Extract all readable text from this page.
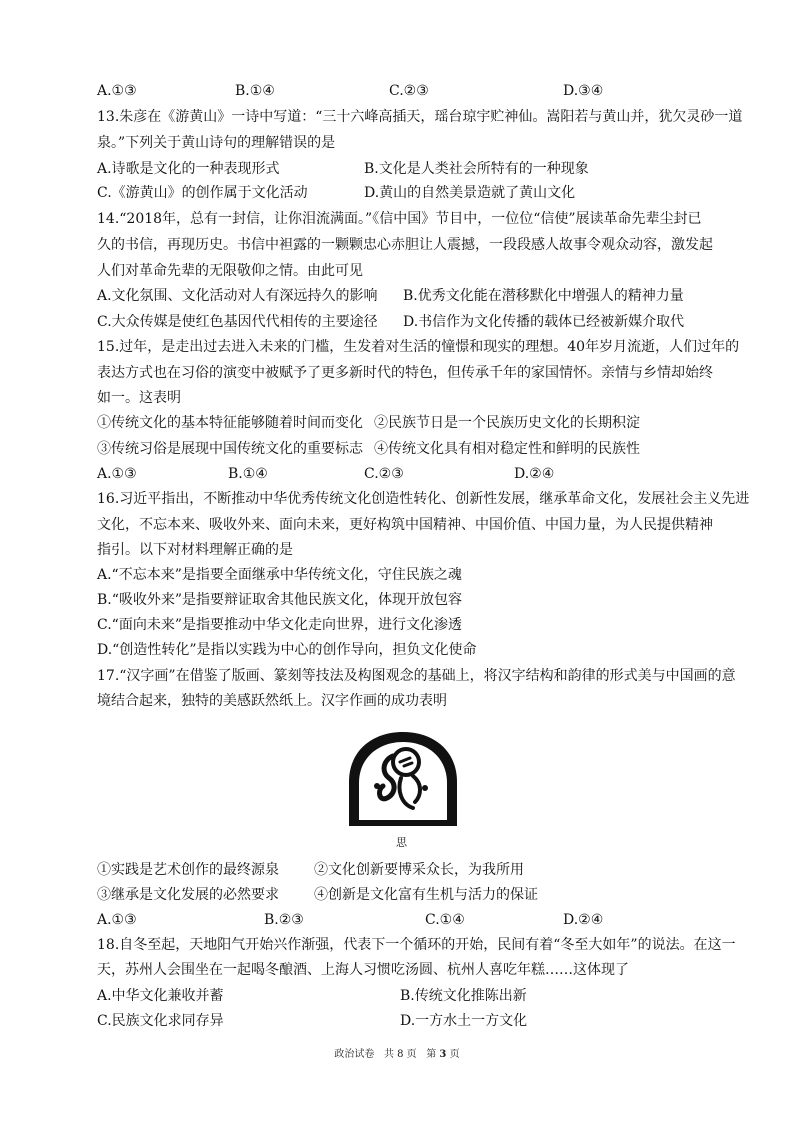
A.①③	B.①④	C.②③	D.③④
13.朱彦在《游黄山》一诗中写道：“三十六峰高插天，瑶台琼宇贮神仙。嵩阳若与黄山并，犹欠灵砂一道
泉。”下列关于黄山诗句的理解错误的是
A.诗歌是文化的一种表现形式	B.文化是人类社会所特有的一种现象
C.《游黄山》的创作属于文化活动	D.黄山的自然美景造就了黄山文化
14.“2018年，总有一封信，让你泪流满面。”《信中国》节目中，一位位“信使”展读革命先辈尘封已
久的书信，再现历史。书信中袒露的一颗颗忠心赤胆让人震撼，一段段感人故事令观众动容，激发起
人们对革命先辈的无限敬仰之情。由此可见
A.文化氛围、文化活动对人有深远持久的影响 B.优秀文化能在潜移默化中增强人的精神力量
C.大众传媒是使红色基因代代相传的主要途径 D.书信作为文化传播的载体已经被新媒介取代
15.过年，是走出过去进入未来的门槛，生发着对生活的憧憬和现实的理想。40年岁月流逝，人们过年的
表达方式也在习俗的演变中被赋予了更多新时代的特色，但传承千年的家国情怀。亲情与乡情却始终
如一。这表明
①传统文化的基本特征能够随着时间而变化 ②民族节日是一个民族历史文化的长期积淀
③传统习俗是展现中国传统文化的重要标志 ④传统文化具有相对稳定性和鲜明的民族性
A.①③	B.①④	C.②③	D.②④
16.习近平指出，不断推动中华优秀传统文化创造性转化、创新性发展，继承革命文化，发展社会主义先进
文化，不忘本来、吸收外来、面向未来，更好构筑中国精神、中国价值、中国力量，为人民提供精神
指引。以下对材料理解正确的是
A.“不忘本来”是指要全面继承中华传统文化，守住民族之魂
B.“吸收外来”是指要辩证取舍其他民族文化，体现开放包容
C.“面向未来”是指要推动中华文化走向世界，进行文化渗透
D.“创造性转化”是指以实践为中心的创作导向，担负文化使命
17.“汉字画”在借鉴了版画、篆刻等技法及构图观念的基础上，将汉字结构和韵律的形式美与中国画的意
境结合起来，独特的美感跃然纸上。汉字作画的成功表明
思
①实践是艺术创作的最终源泉	②文化创新要博采众长，为我所用
③继承是文化发展的必然要求	④创新是文化富有生机与活力的保证
A.①③	B.②③	C.①④	D.②④
18.自冬至起，天地阳气开始兴作渐强，代表下一个循环的开始，民间有着“冬至大如年”的说法。在这一
天，苏州人会围坐在一起喝冬酿酒、上海人习惯吃汤圆、杭州人喜吃年糕……这体现了
A.中华文化兼收并蓄	B.传统文化推陈出新
C.民族文化求同存异	D.一方水土一方文化
政治试卷 共 8 页 第 3 页
